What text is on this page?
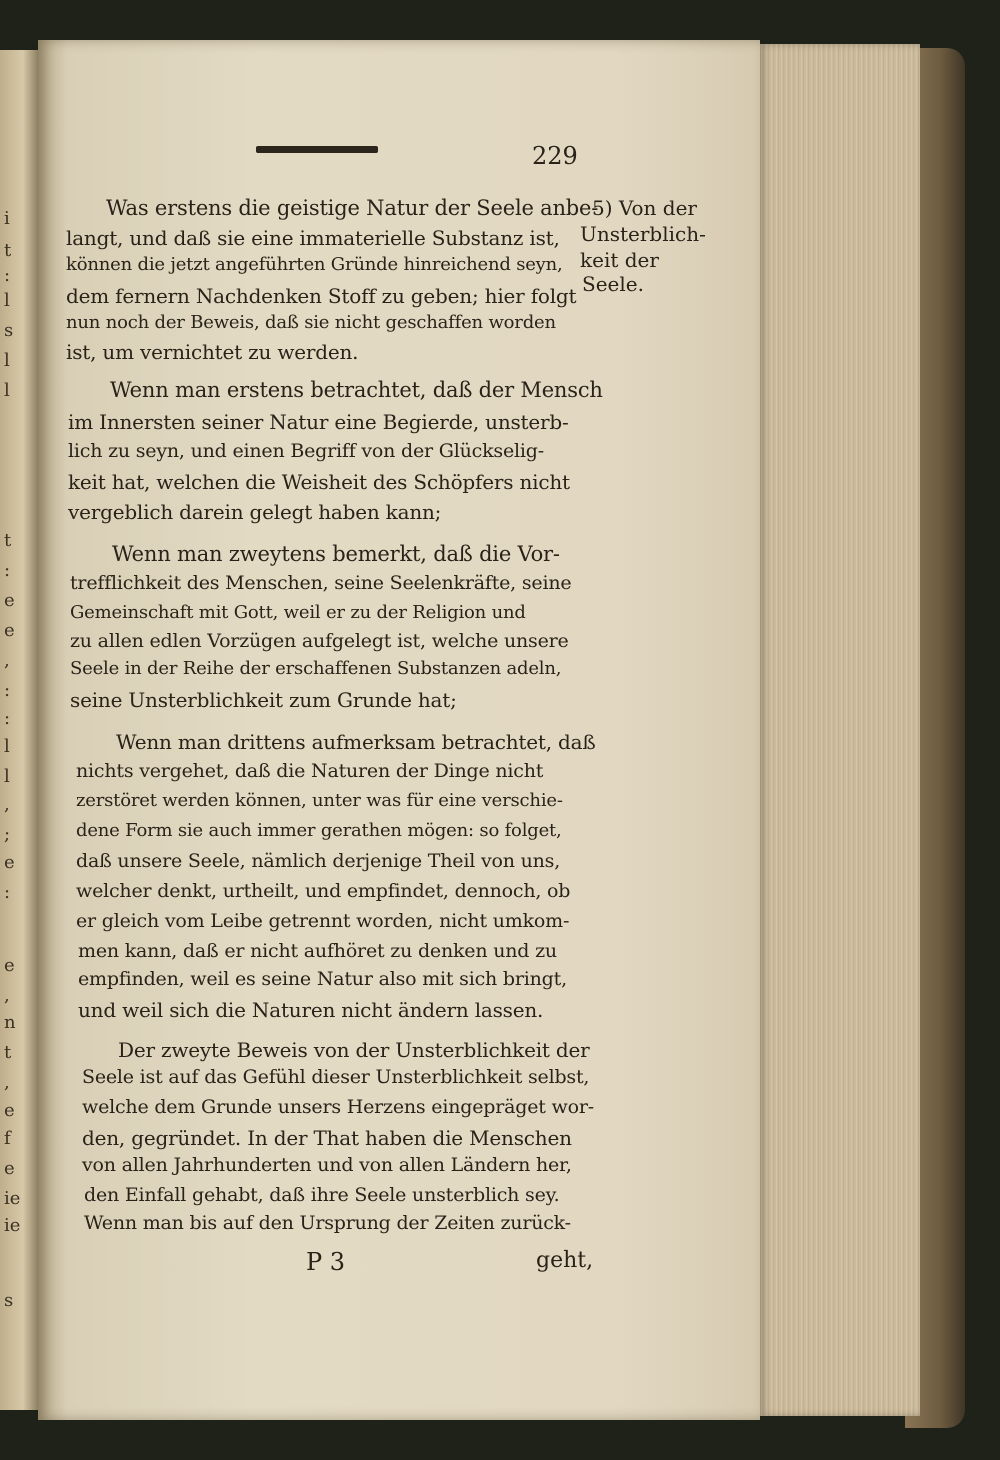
i
t
:
l
s
l
l
t
:
e
e
,
:
:
l
l
,
;
e
:
e
,
n
t
,
e
f
e
ie
ie
s
229
5) Von der
Unsterblich-
keit der
Seele.
Was erstens die geistige Natur der Seele anbe-
langt, und daß sie eine immaterielle Substanz ist,
können die jetzt angeführten Gründe hinreichend seyn,
dem fernern Nachdenken Stoff zu geben; hier folgt
nun noch der Beweis, daß sie nicht geschaffen worden
ist, um vernichtet zu werden.
Wenn man erstens betrachtet, daß der Mensch
im Innersten seiner Natur eine Begierde, unsterb-
lich zu seyn, und einen Begriff von der Glückselig-
keit hat, welchen die Weisheit des Schöpfers nicht
vergeblich darein gelegt haben kann;
Wenn man zweytens bemerkt, daß die Vor-
trefflichkeit des Menschen, seine Seelenkräfte, seine
Gemeinschaft mit Gott, weil er zu der Religion und
zu allen edlen Vorzügen aufgelegt ist, welche unsere
Seele in der Reihe der erschaffenen Substanzen adeln,
seine Unsterblichkeit zum Grunde hat;
Wenn man drittens aufmerksam betrachtet, daß
nichts vergehet, daß die Naturen der Dinge nicht
zerstöret werden können, unter was für eine verschie-
dene Form sie auch immer gerathen mögen: so folget,
daß unsere Seele, nämlich derjenige Theil von uns,
welcher denkt, urtheilt, und empfindet, dennoch, ob
er gleich vom Leibe getrennt worden, nicht umkom-
men kann, daß er nicht aufhöret zu denken und zu
empfinden, weil es seine Natur also mit sich bringt,
und weil sich die Naturen nicht ändern lassen.
Der zweyte Beweis von der Unsterblichkeit der
Seele ist auf das Gefühl dieser Unsterblichkeit selbst,
welche dem Grunde unsers Herzens eingepräget wor-
den, gegründet. In der That haben die Menschen
von allen Jahrhunderten und von allen Ländern her,
den Einfall gehabt, daß ihre Seele unsterblich sey.
Wenn man bis auf den Ursprung der Zeiten zurück-
P 3	geht,
